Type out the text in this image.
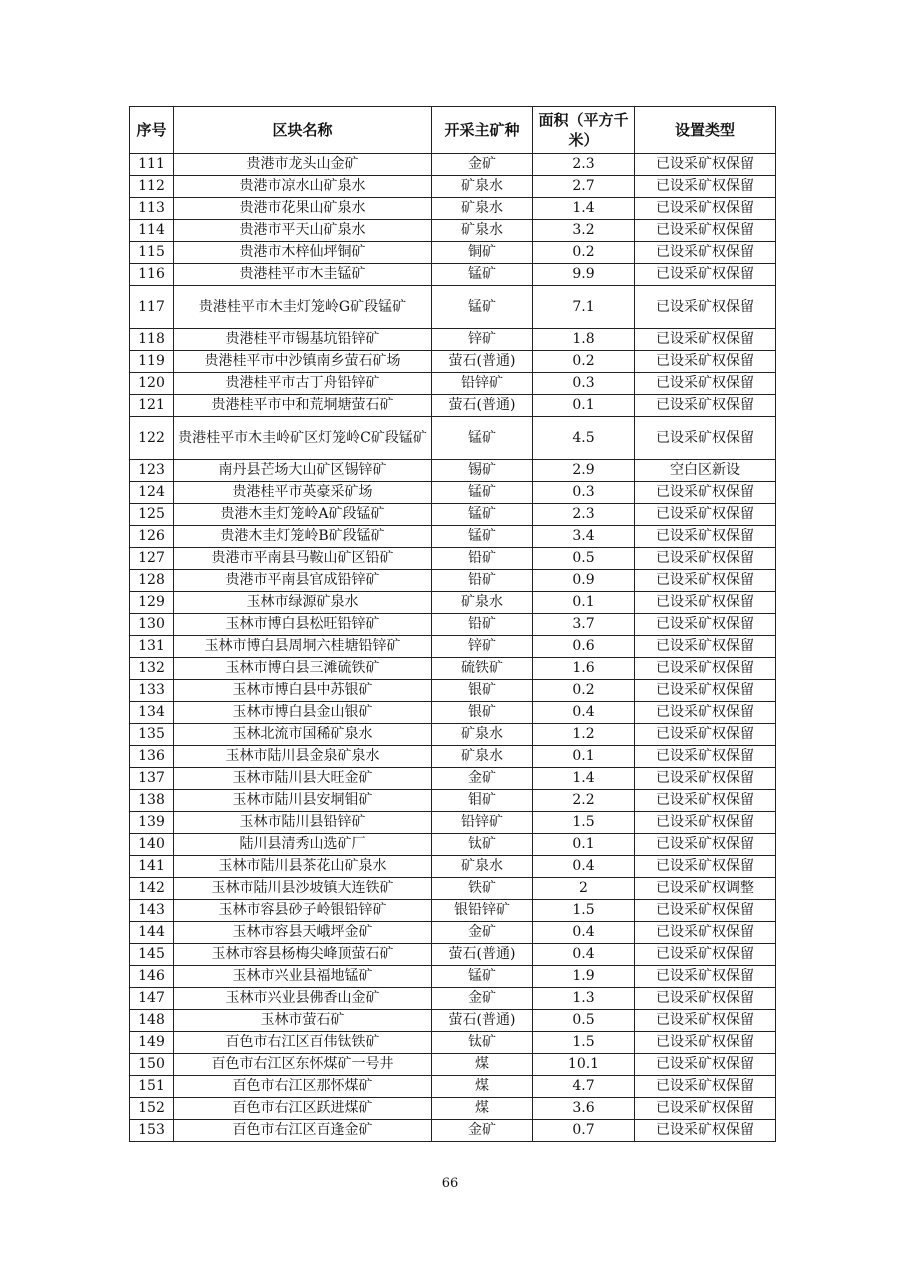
序号	区块名称	开采主矿种	面积（平方千米）	设置类型
111	贵港市龙头山金矿	金矿	2.3	已设采矿权保留
112	贵港市凉水山矿泉水	矿泉水	2.7	已设采矿权保留
113	贵港市花果山矿泉水	矿泉水	1.4	已设采矿权保留
114	贵港市平天山矿泉水	矿泉水	3.2	已设采矿权保留
115	贵港市木梓仙坪铜矿	铜矿	0.2	已设采矿权保留
116	贵港桂平市木圭锰矿	锰矿	9.9	已设采矿权保留
117	贵港桂平市木圭灯笼岭G矿段锰矿	锰矿	7.1	已设采矿权保留
118	贵港桂平市锡基坑铅锌矿	锌矿	1.8	已设采矿权保留
119	贵港桂平市中沙镇南乡萤石矿场	萤石(普通)	0.2	已设采矿权保留
120	贵港桂平市古丁舟铅锌矿	铅锌矿	0.3	已设采矿权保留
121	贵港桂平市中和荒垌塘萤石矿	萤石(普通)	0.1	已设采矿权保留
122	贵港桂平市木圭岭矿区灯笼岭C矿段锰矿	锰矿	4.5	已设采矿权保留
123	南丹县芒场大山矿区锡锌矿	锡矿	2.9	空白区新设
124	贵港桂平市英豪采矿场	锰矿	0.3	已设采矿权保留
125	贵港木圭灯笼岭A矿段锰矿	锰矿	2.3	已设采矿权保留
126	贵港木圭灯笼岭B矿段锰矿	锰矿	3.4	已设采矿权保留
127	贵港市平南县马鞍山矿区铅矿	铅矿	0.5	已设采矿权保留
128	贵港市平南县官成铅锌矿	铅矿	0.9	已设采矿权保留
129	玉林市绿源矿泉水	矿泉水	0.1	已设采矿权保留
130	玉林市博白县松旺铅锌矿	铅矿	3.7	已设采矿权保留
131	玉林市博白县周垌六桂塘铅锌矿	锌矿	0.6	已设采矿权保留
132	玉林市博白县三滩硫铁矿	硫铁矿	1.6	已设采矿权保留
133	玉林市博白县中苏银矿	银矿	0.2	已设采矿权保留
134	玉林市博白县金山银矿	银矿	0.4	已设采矿权保留
135	玉林北流市国稀矿泉水	矿泉水	1.2	已设采矿权保留
136	玉林市陆川县金泉矿泉水	矿泉水	0.1	已设采矿权保留
137	玉林市陆川县大旺金矿	金矿	1.4	已设采矿权保留
138	玉林市陆川县安垌钼矿	钼矿	2.2	已设采矿权保留
139	玉林市陆川县铅锌矿	铅锌矿	1.5	已设采矿权保留
140	陆川县清秀山选矿厂	钛矿	0.1	已设采矿权保留
141	玉林市陆川县茶花山矿泉水	矿泉水	0.4	已设采矿权保留
142	玉林市陆川县沙坡镇大连铁矿	铁矿	2	已设采矿权调整
143	玉林市容县砂子岭银铅锌矿	银铅锌矿	1.5	已设采矿权保留
144	玉林市容县天峨坪金矿	金矿	0.4	已设采矿权保留
145	玉林市容县杨梅尖峰顶萤石矿	萤石(普通)	0.4	已设采矿权保留
146	玉林市兴业县福地锰矿	锰矿	1.9	已设采矿权保留
147	玉林市兴业县佛香山金矿	金矿	1.3	已设采矿权保留
148	玉林市萤石矿	萤石(普通)	0.5	已设采矿权保留
149	百色市右江区百伟钛铁矿	钛矿	1.5	已设采矿权保留
150	百色市右江区东怀煤矿一号井	煤	10.1	已设采矿权保留
151	百色市右江区那怀煤矿	煤	4.7	已设采矿权保留
152	百色市右江区跃进煤矿	煤	3.6	已设采矿权保留
153	百色市右江区百逢金矿	金矿	0.7	已设采矿权保留
66
